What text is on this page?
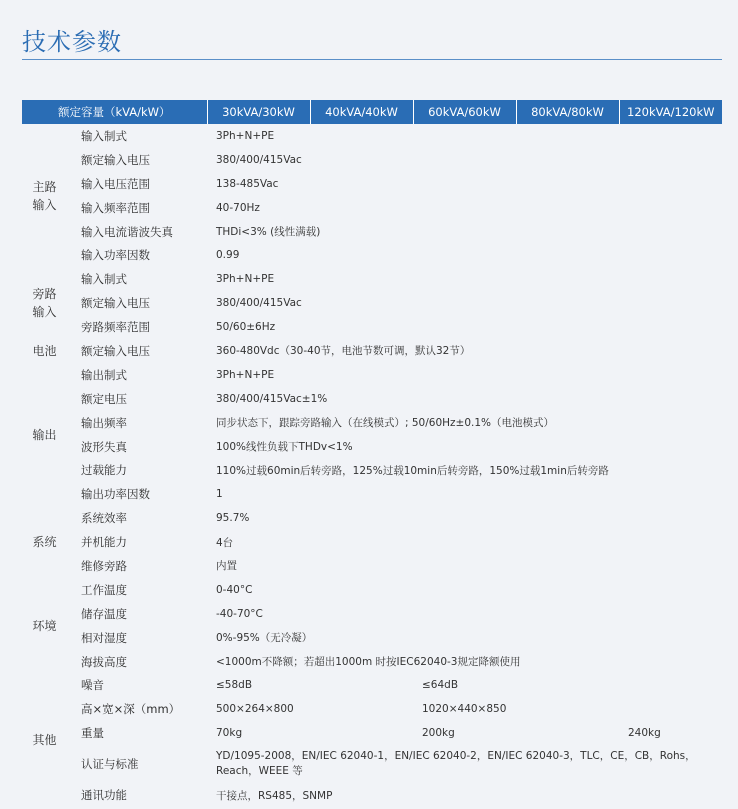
技术参数
额定容量（kVA/kW）		30kVA/30kW	40kVA/40kW	60kVA/60kW	80kVA/80kW	120kVA/120kW
主路
输入	输入制式	3Ph+N+PE				
	额定输入电压	380/400/415Vac				
	输入电压范围	138-485Vac				
	输入频率范围	40-70Hz				
	输入电流谐波失真	THDi<3% (线性满载)				
	输入功率因数	0.99				
旁路
输入	输入制式	3Ph+N+PE				
	额定输入电压	380/400/415Vac				
	旁路频率范围	50/60±6Hz				
电池	额定输入电压	360-480Vdc（30-40节，电池节数可调，默认32节）				
输出	输出制式	3Ph+N+PE				
	额定电压	380/400/415Vac±1%				
	输出频率	同步状态下，跟踪旁路输入（在线模式）; 50/60Hz±0.1%（电池模式）				
	波形失真	100%线性负载下THDv<1%				
	过载能力	110%过载60min后转旁路，125%过载10min后转旁路，150%过载1min后转旁路				
	输出功率因数	1				
系统	系统效率	95.7%				
	并机能力	4台				
	维修旁路	内置				
环境	工作温度	0-40°C				
	储存温度	-40-70°C				
	相对湿度	0%-95%（无冷凝）				
	海拔高度	<1000m不降额；若超出1000m 时按IEC62040-3规定降额使用				
其他	噪音	≤58dB		≤64dB		
	高×宽×深（mm）	500×264×800		1020×440×850		
	重量	70kg		200kg		240kg
	认证与标准	YD/1095-2008，EN/IEC 62040-1，EN/IEC 62040-2，EN/IEC 62040-3，TLC，CE，CB，Rohs，Reach，WEEE 等				
	通讯功能	干接点，RS485，SNMP				
